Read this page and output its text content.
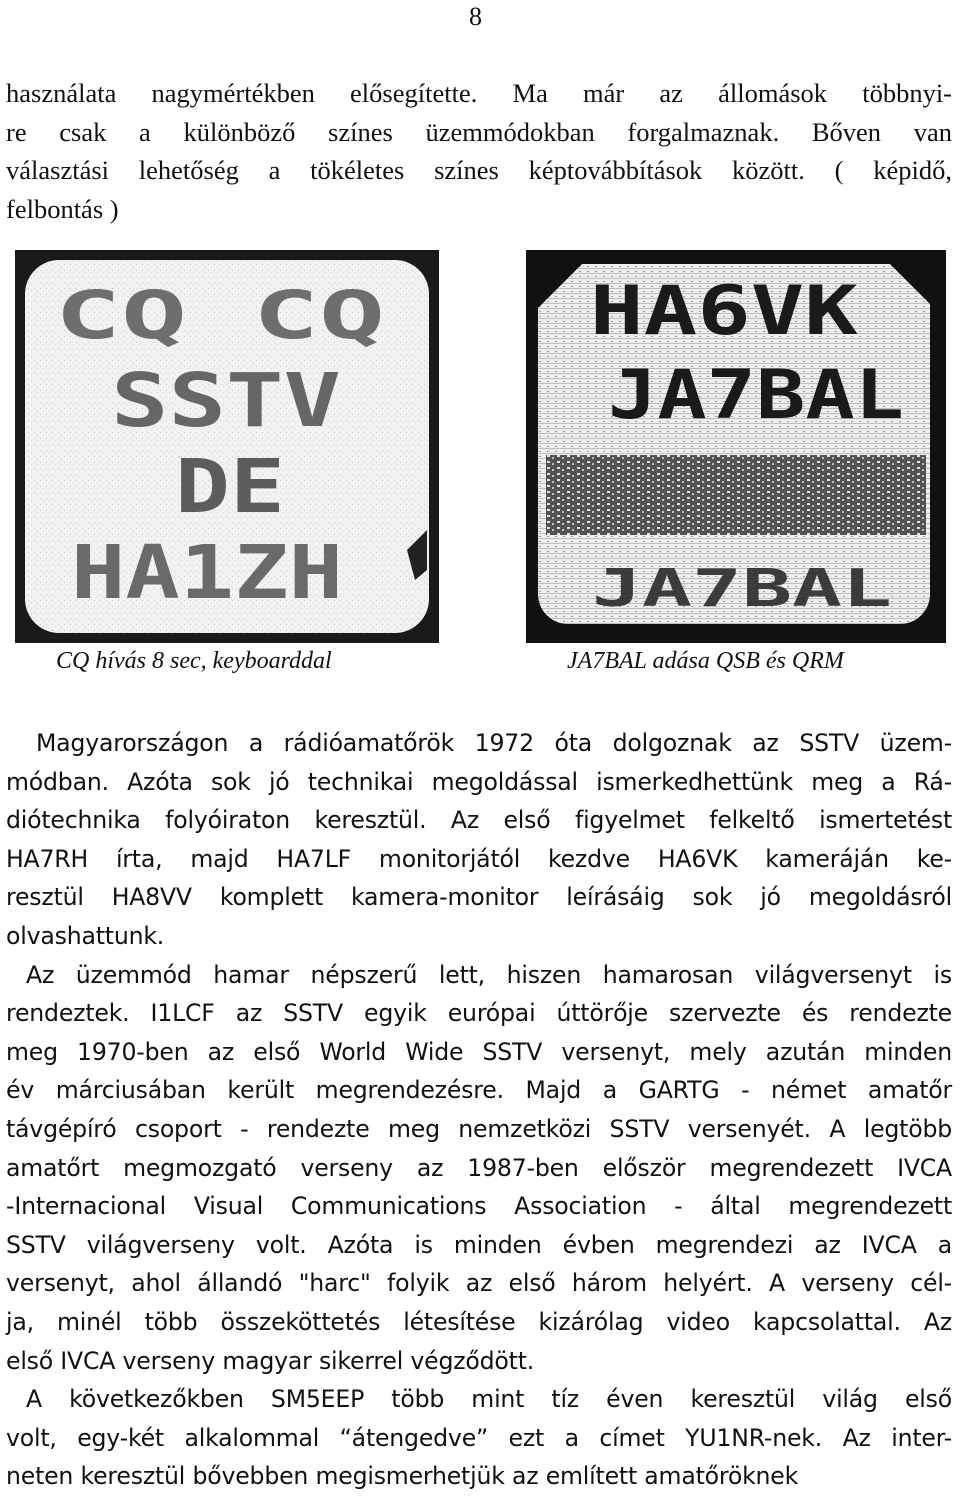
8

használata nagymértékben elősegítette. Ma már az állomások többnyi-
re csak a különböző színes üzemmódokban forgalmaznak. Bőven van
választási lehetőség a tökéletes színes képtovábbítások között. ( képidő,
felbontás )

CQ CQ
SSTV
DE
HA1ZH
HA6VK
JA7BAL
JA7BAL
CQ hívás 8 sec, keyboarddal	JA7BAL adása QSB és QRM

Magyarországon a rádióamatőrök 1972 óta dolgoznak az SSTV üzem-
módban. Azóta sok jó technikai megoldással ismerkedhettünk meg a Rá-
diótechnika folyóiraton keresztül. Az első figyelmet felkeltő ismertetést
HA7RH írta, majd HA7LF monitorjától kezdve HA6VK kameráján ke-
resztül HA8VV komplett kamera-monitor leírásáig sok jó megoldásról
olvashattunk.
Az üzemmód hamar népszerű lett, hiszen hamarosan világversenyt is
rendeztek. I1LCF az SSTV egyik európai úttörője szervezte és rendezte
meg 1970-ben az első World Wide SSTV versenyt, mely azután minden
év márciusában került megrendezésre. Majd a GARTG - német amatőr
távgépíró csoport - rendezte meg nemzetközi SSTV versenyét. A legtöbb
amatőrt megmozgató verseny az 1987-ben először megrendezett IVCA
-Internacional Visual Communications Association - által megrendezett
SSTV világverseny volt. Azóta is minden évben megrendezi az IVCA a
versenyt, ahol állandó "harc" folyik az első három helyért. A verseny cél-
ja, minél több összeköttetés létesítése kizárólag video kapcsolattal. Az
első IVCA verseny magyar sikerrel végződött.
A következőkben SM5EEP több mint tíz éven keresztül világ első
volt, egy-két alkalommal “átengedve” ezt a címet YU1NR-nek. Az inter-
neten keresztül bővebben megismerhetjük az említett amatőröknek
